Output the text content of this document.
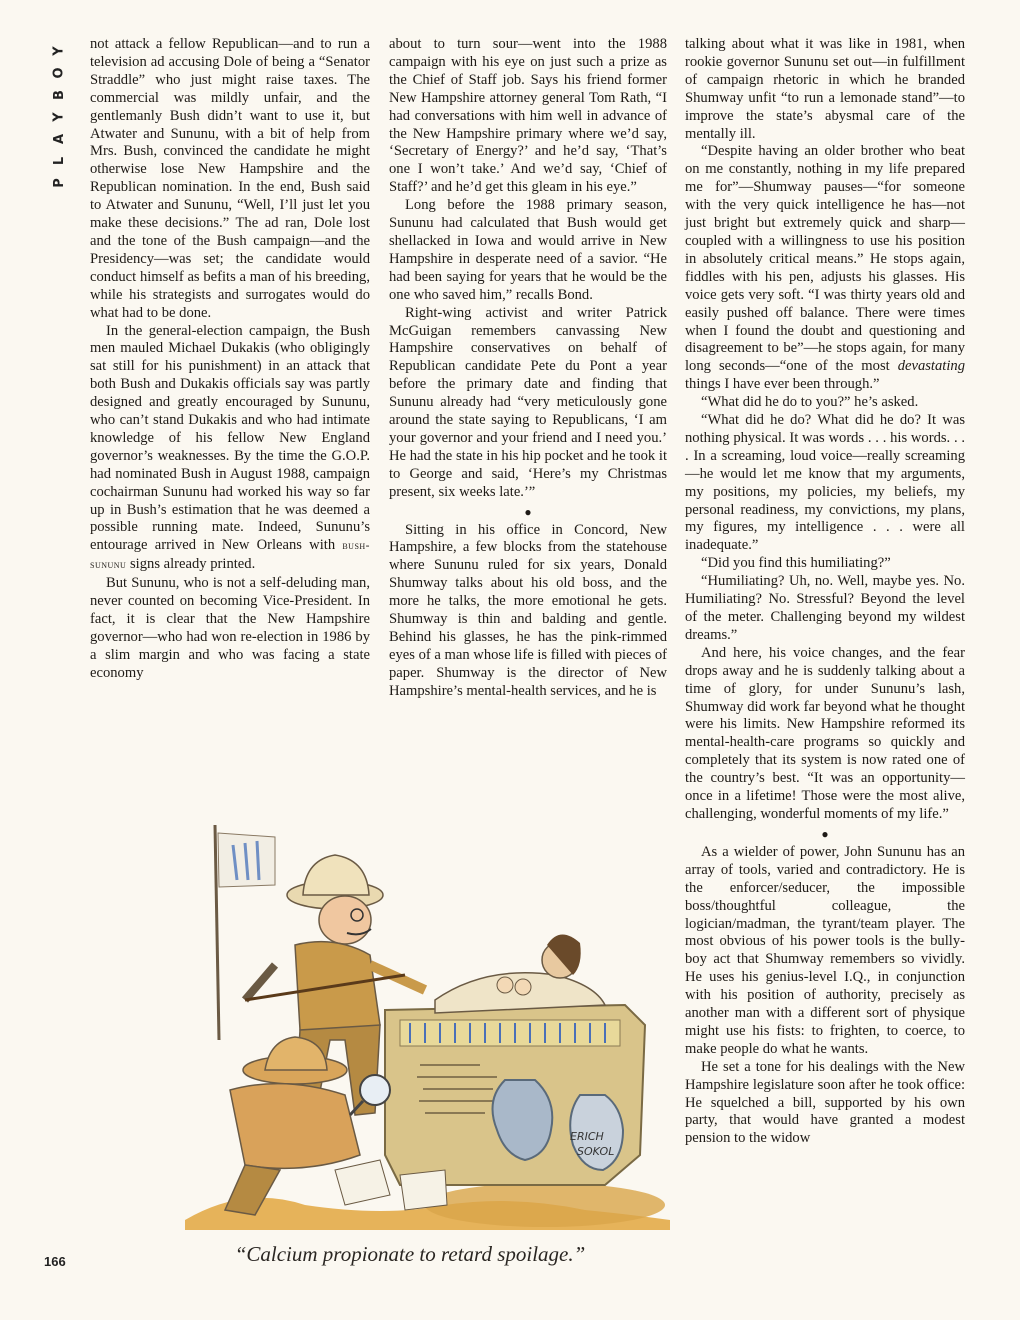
Y
O
B
Y
A
L
P

not attack a fellow Republican—and to run a television ad accusing Dole of being a “Senator Straddle” who just might raise taxes. The commercial was mildly unfair, and the gentlemanly Bush didn’t want to use it, but Atwater and Sununu, with a bit of help from Mrs. Bush, convinced the candidate he might otherwise lose New Hampshire and the Republican nomination. In the end, Bush said to Atwater and Sununu, “Well, I’ll just let you make these decisions.” The ad ran, Dole lost and the tone of the Bush campaign—and the Presidency—was set; the candidate would conduct himself as befits a man of his breeding, while his strategists and surrogates would do what had to be done.

In the general-election campaign, the Bush men mauled Michael Dukakis (who obligingly sat still for his punishment) in an attack that both Bush and Dukakis officials say was partly designed and greatly encouraged by Sununu, who can’t stand Dukakis and who had intimate knowledge of his fellow New England governor’s weaknesses. By the time the G.O.P. had nominated Bush in August 1988, campaign cochairman Sununu had worked his way so far up in Bush’s estimation that he was deemed a possible running mate. Indeed, Sununu’s entourage arrived in New Orleans with bush-sununu signs already printed.

But Sununu, who is not a self-deluding man, never counted on becoming Vice-President. In fact, it is clear that the New Hampshire governor—who had won re-election in 1986 by a slim margin and who was facing a state economy

about to turn sour—went into the 1988 campaign with his eye on just such a prize as the Chief of Staff job. Says his friend former New Hampshire attorney general Tom Rath, “I had conversations with him well in advance of the New Hampshire primary where we’d say, ‘Secretary of Energy?’ and he’d say, ‘That’s one I won’t take.’ And we’d say, ‘Chief of Staff?’ and he’d get this gleam in his eye.”

Long before the 1988 primary season, Sununu had calculated that Bush would get shellacked in Iowa and would arrive in New Hampshire in desperate need of a savior. “He had been saying for years that he would be the one who saved him,” recalls Bond.

Right-wing activist and writer Patrick McGuigan remembers canvassing New Hampshire conservatives on behalf of Republican candidate Pete du Pont a year before the primary date and finding that Sununu already had “very meticulously gone around the state saying to Republicans, ‘I am your governor and your friend and I need you.’ He had the state in his hip pocket and he took it to George and said, ‘Here’s my Christmas present, six weeks late.’”

●

Sitting in his office in Concord, New Hampshire, a few blocks from the statehouse where Sununu ruled for six years, Donald Shumway talks about his old boss, and the more he talks, the more emotional he gets. Shumway is thin and balding and gentle. Behind his glasses, he has the pink-rimmed eyes of a man whose life is filled with pieces of paper. Shumway is the director of New Hampshire’s mental-health services, and he is

talking about what it was like in 1981, when rookie governor Sununu set out—in fulfillment of campaign rhetoric in which he branded Shumway unfit “to run a lemonade stand”—to improve the state’s abysmal care of the mentally ill.

“Despite having an older brother who beat on me constantly, nothing in my life prepared me for”—Shumway pauses—“for someone with the very quick intelligence he has—not just bright but extremely quick and sharp—coupled with a willingness to use his position in absolutely critical means.” He stops again, fiddles with his pen, adjusts his glasses. His voice gets very soft. “I was thirty years old and easily pushed off balance. There were times when I found the doubt and questioning and disagreement to be”—he stops again, for many long seconds—“one of the most devastating things I have ever been through.”

“What did he do to you?” he’s asked.

“What did he do? What did he do? It was nothing physical. It was words . . . his words. . . . In a screaming, loud voice—really screaming—he would let me know that my arguments, my positions, my policies, my beliefs, my personal readiness, my convictions, my plans, my figures, my intelligence . . . were all inadequate.”

“Did you find this humiliating?”

“Humiliating? Uh, no. Well, maybe yes. No. Humiliating? No. Stressful? Beyond the level of the meter. Challenging beyond my wildest dreams.”

And here, his voice changes, and the fear drops away and he is suddenly talking about a time of glory, for under Sununu’s lash, Shumway did work far beyond what he thought were his limits. New Hampshire reformed its mental-health-care programs so quickly and completely that its system is now rated one of the country’s best. “It was an opportunity—once in a lifetime! Those were the most alive, challenging, wonderful moments of my life.”

●

As a wielder of power, John Sununu has an array of tools, varied and contradictory. He is the enforcer/seducer, the impossible boss/thoughtful colleague, the logician/madman, the tyrant/team player. The most obvious of his power tools is the bully-boy act that Shumway remembers so vividly. He uses his genius-level I.Q., in conjunction with his position of authority, precisely as another man with a different sort of physique might use his fists: to frighten, to coerce, to make people do what he wants.

He set a tone for his dealings with the New Hampshire legislature soon after he took office: He squelched a bill, supported by his own party, that would have granted a modest pension to the widow

ERICH
SOKOL
“Calcium propionate to retard spoilage.”
166
